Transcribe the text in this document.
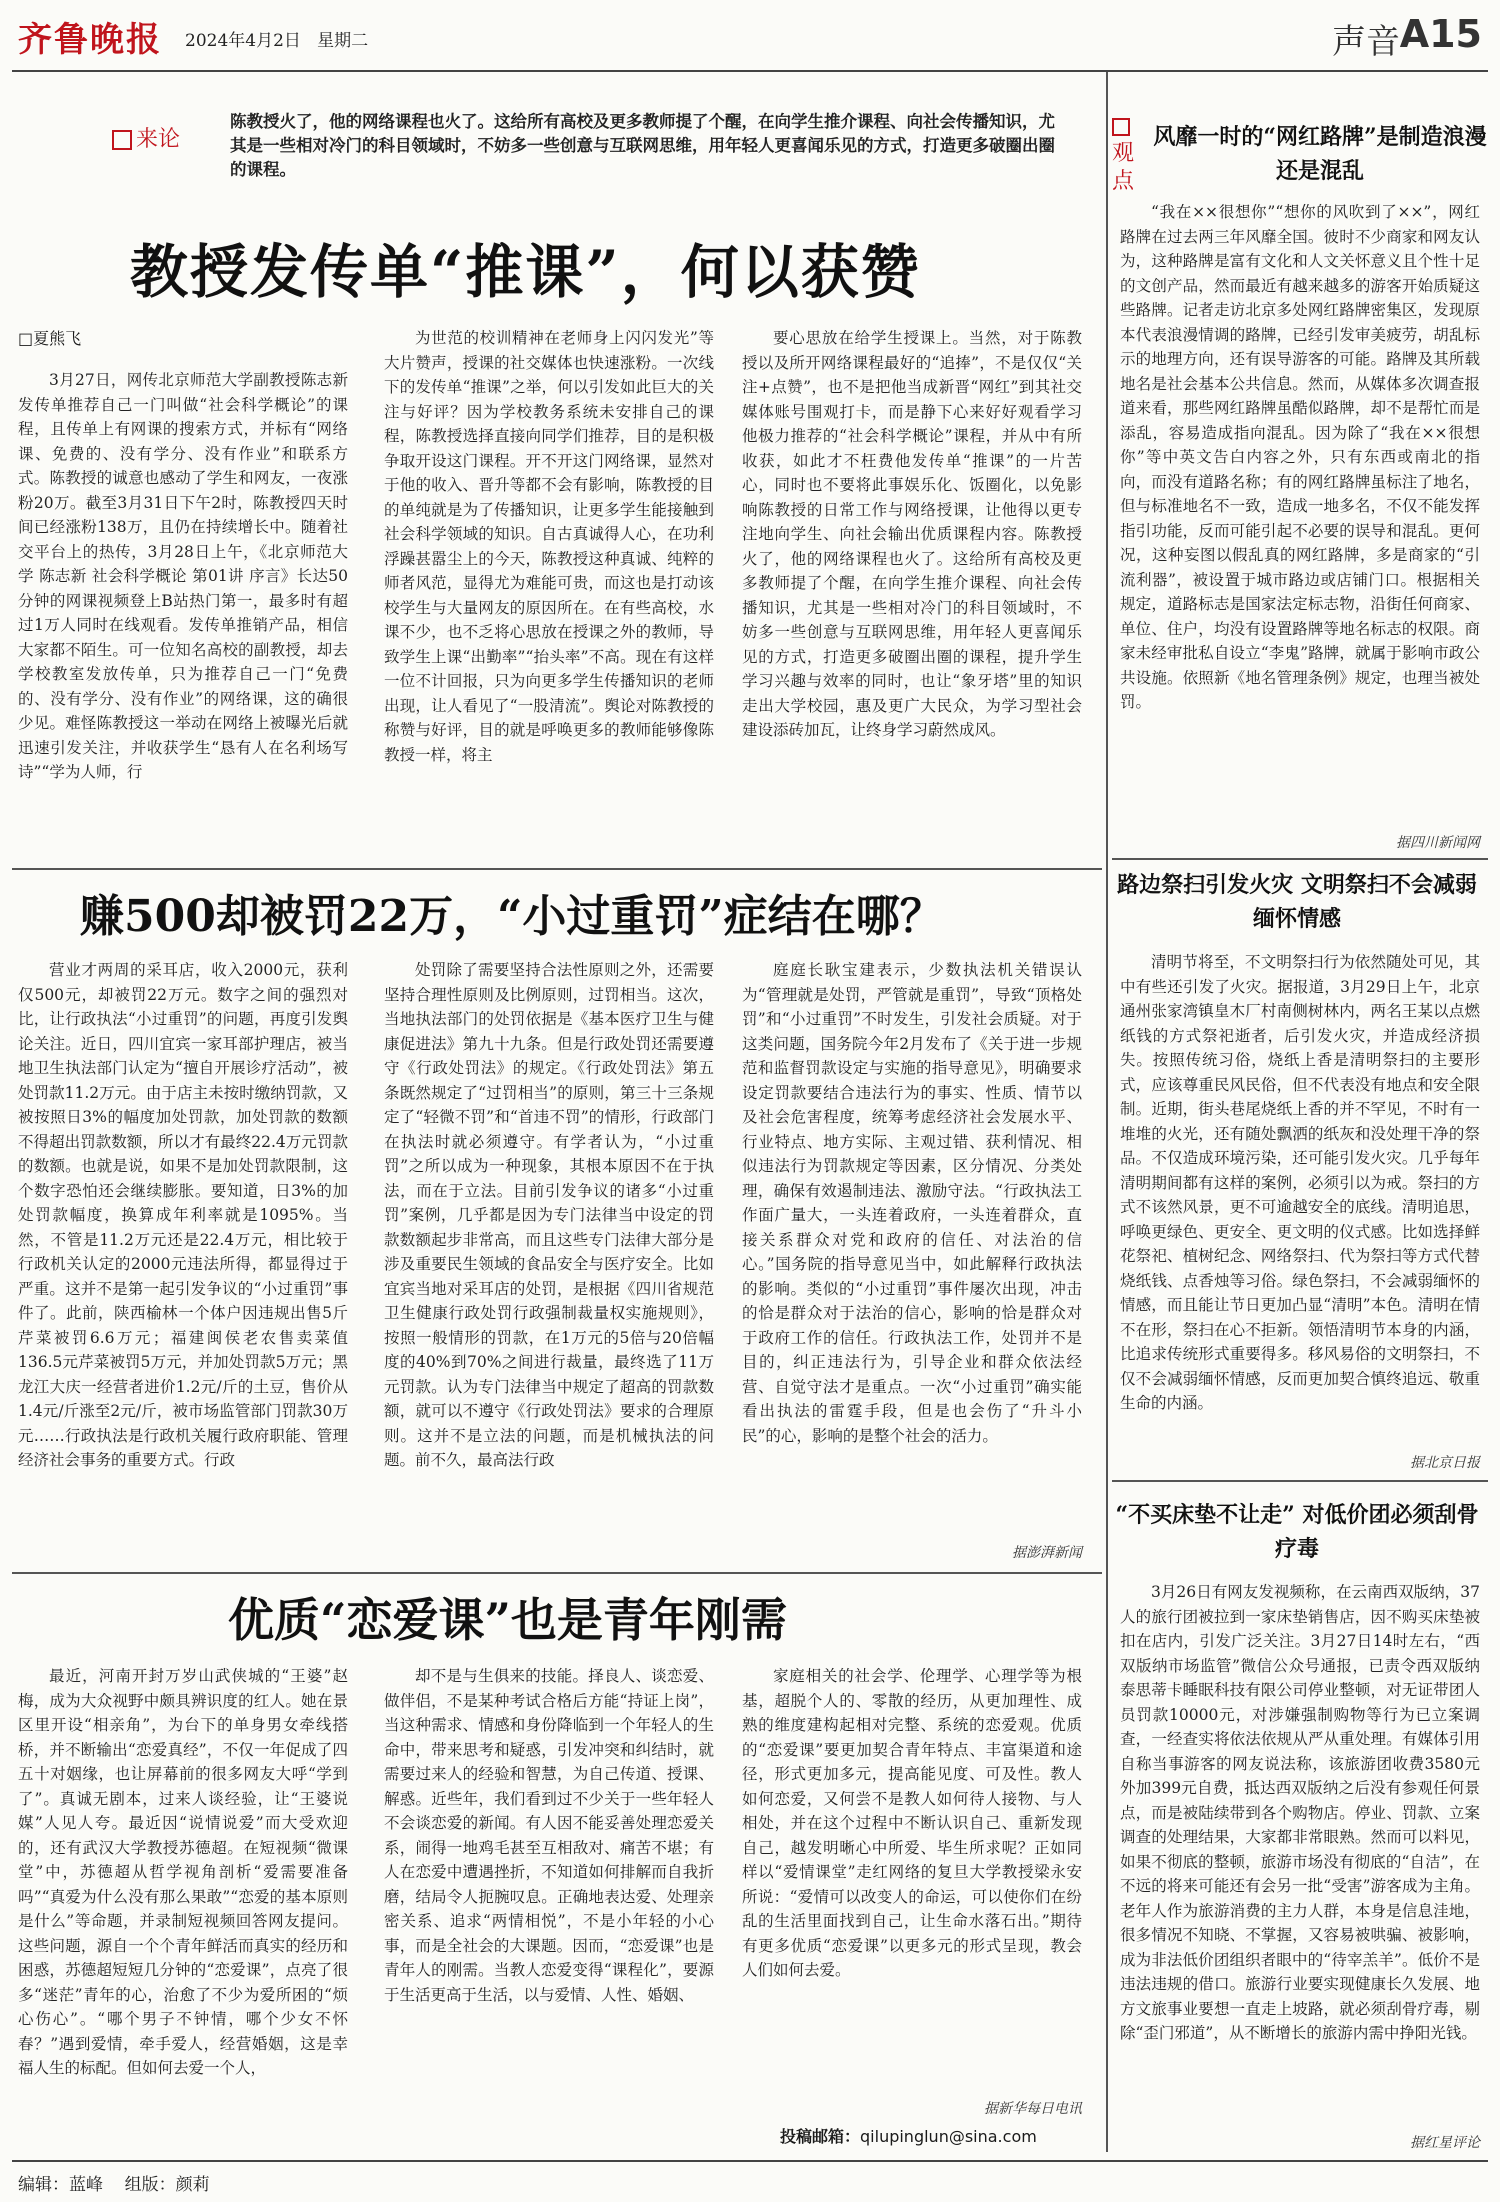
齐鲁晚报 2024年4月2日 星期二	声音 A15
来论
陈教授火了，他的网络课程也火了。这给所有高校及更多教师提了个醒，在向学生推介课程、向社会传播知识，尤其是一些相对冷门的科目领域时，不妨多一些创意与互联网思维，用年轻人更喜闻乐见的方式，打造更多破圈出圈的课程。
教授发传单“推课”，何以获赞
□夏熊飞

3月27日，网传北京师范大学副教授陈志新发传单推荐自己一门叫做“社会科学概论”的课程，且传单上有网课的搜索方式，并标有“网络课、免费的、没有学分、没有作业”和联系方式。陈教授的诚意也感动了学生和网友，一夜涨粉20万。截至3月31日下午2时，陈教授四天时间已经涨粉138万，且仍在持续增长中。随着社交平台上的热传，3月28日上午，《北京师范大学 陈志新 社会科学概论 第01讲 序言》长达50分钟的网课视频登上B站热门第一，最多时有超过1万人同时在线观看。发传单推销产品，相信大家都不陌生。可一位知名高校的副教授，却去学校教室发放传单，只为推荐自己一门“免费的、没有学分、没有作业”的网络课，这的确很少见。难怪陈教授这一举动在网络上被曝光后就迅速引发关注，并收获学生“恳有人在名利场写诗”“学为人师，行

为世范的校训精神在老师身上闪闪发光”等大片赞声，授课的社交媒体也快速涨粉。一次线下的发传单“推课”之举，何以引发如此巨大的关注与好评？因为学校教务系统未安排自己的课程，陈教授选择直接向同学们推荐，目的是积极争取开设这门课程。开不开这门网络课，显然对于他的收入、晋升等都不会有影响，陈教授的目的单纯就是为了传播知识，让更多学生能接触到社会科学领域的知识。自古真诚得人心，在功利浮躁甚嚣尘上的今天，陈教授这种真诚、纯粹的师者风范，显得尤为难能可贵，而这也是打动该校学生与大量网友的原因所在。在有些高校，水课不少，也不乏将心思放在授课之外的教师，导致学生上课“出勤率”“抬头率”不高。现在有这样一位不计回报，只为向更多学生传播知识的老师出现，让人看见了“一股清流”。舆论对陈教授的称赞与好评，目的就是呼唤更多的教师能够像陈教授一样，将主

要心思放在给学生授课上。当然，对于陈教授以及所开网络课程最好的“追捧”，不是仅仅“关注+点赞”，也不是把他当成新晋“网红”到其社交媒体账号围观打卡，而是静下心来好好观看学习他极力推荐的“社会科学概论”课程，并从中有所收获，如此才不枉费他发传单“推课”的一片苦心，同时也不要将此事娱乐化、饭圈化，以免影响陈教授的日常工作与网络授课，让他得以更专注地向学生、向社会输出优质课程内容。陈教授火了，他的网络课程也火了。这给所有高校及更多教师提了个醒，在向学生推介课程、向社会传播知识，尤其是一些相对冷门的科目领域时，不妨多一些创意与互联网思维，用年轻人更喜闻乐见的方式，打造更多破圈出圈的课程，提升学生学习兴趣与效率的同时，也让“象牙塔”里的知识走出大学校园，惠及更广大民众，为学习型社会建设添砖加瓦，让终身学习蔚然成风。

赚500却被罚22万，“小过重罚”症结在哪？

营业才两周的采耳店，收入2000元，获利仅500元，却被罚22万元。数字之间的强烈对比，让行政执法“小过重罚”的问题，再度引发舆论关注。近日，四川宜宾一家耳部护理店，被当地卫生执法部门认定为“擅自开展诊疗活动”，被处罚款11.2万元。由于店主未按时缴纳罚款，又被按照日3%的幅度加处罚款，加处罚款的数额不得超出罚款数额，所以才有最终22.4万元罚款的数额。也就是说，如果不是加处罚款限制，这个数字恐怕还会继续膨胀。要知道，日3%的加处罚款幅度，换算成年利率就是1095%。当然，不管是11.2万元还是22.4万元，相比较于行政机关认定的2000元违法所得，都显得过于严重。这并不是第一起引发争议的“小过重罚”事件了。此前，陕西榆林一个体户因违规出售5斤芹菜被罚6.6万元；福建闽侯老农售卖菜值136.5元芹菜被罚5万元，并加处罚款5万元；黑龙江大庆一经营者进价1.2元/斤的土豆，售价从1.4元/斤涨至2元/斤，被市场监管部门罚款30万元……行政执法是行政机关履行政府职能、管理经济社会事务的重要方式。行政

处罚除了需要坚持合法性原则之外，还需要坚持合理性原则及比例原则，过罚相当。这次，当地执法部门的处罚依据是《基本医疗卫生与健康促进法》第九十九条。但是行政处罚还需要遵守《行政处罚法》的规定。《行政处罚法》第五条既然规定了“过罚相当”的原则，第三十三条规定了“轻微不罚”和“首违不罚”的情形，行政部门在执法时就必须遵守。有学者认为，“小过重罚”之所以成为一种现象，其根本原因不在于执法，而在于立法。目前引发争议的诸多“小过重罚”案例，几乎都是因为专门法律当中设定的罚款数额起步非常高，而且这些专门法律大部分是涉及重要民生领域的食品安全与医疗安全。比如宜宾当地对采耳店的处罚，是根据《四川省规范卫生健康行政处罚行政强制裁量权实施规则》，按照一般情形的罚款，在1万元的5倍与20倍幅度的40%到70%之间进行裁量，最终选了11万元罚款。认为专门法律当中规定了超高的罚款数额，就可以不遵守《行政处罚法》要求的合理原则。这并不是立法的问题，而是机械执法的问题。前不久，最高法行政

庭庭长耿宝建表示，少数执法机关错误认为“管理就是处罚，严管就是重罚”，导致“顶格处罚”和“小过重罚”不时发生，引发社会质疑。对于这类问题，国务院今年2月发布了《关于进一步规范和监督罚款设定与实施的指导意见》，明确要求设定罚款要结合违法行为的事实、性质、情节以及社会危害程度，统筹考虑经济社会发展水平、行业特点、地方实际、主观过错、获利情况、相似违法行为罚款规定等因素，区分情况、分类处理，确保有效遏制违法、激励守法。“行政执法工作面广量大，一头连着政府，一头连着群众，直接关系群众对党和政府的信任、对法治的信心。”国务院的指导意见当中，如此解释行政执法的影响。类似的“小过重罚”事件屡次出现，冲击的恰是群众对于法治的信心，影响的恰是群众对于政府工作的信任。行政执法工作，处罚并不是目的，纠正违法行为，引导企业和群众依法经营、自觉守法才是重点。一次“小过重罚”确实能看出执法的雷霆手段，但是也会伤了“升斗小民”的心，影响的是整个社会的活力。

据澎湃新闻
优质“恋爱课”也是青年刚需

最近，河南开封万岁山武侠城的“王婆”赵梅，成为大众视野中颇具辨识度的红人。她在景区里开设“相亲角”，为台下的单身男女牵线搭桥，并不断输出“恋爱真经”，不仅一年促成了四五十对姻缘，也让屏幕前的很多网友大呼“学到了”。真诚无剧本，过来人谈经验，让“王婆说媒”人见人夸。最近因“说情说爱”而大受欢迎的，还有武汉大学教授苏德超。在短视频“微课堂”中，苏德超从哲学视角剖析“爱需要准备吗”“真爱为什么没有那么果敢”“恋爱的基本原则是什么”等命题，并录制短视频回答网友提问。这些问题，源自一个个青年鲜活而真实的经历和困惑，苏德超短短几分钟的“恋爱课”，点亮了很多“迷茫”青年的心，治愈了不少为爱所困的“烦心伤心”。“哪个男子不钟情，哪个少女不怀春？”遇到爱情，牵手爱人，经营婚姻，这是幸福人生的标配。但如何去爱一个人，

却不是与生俱来的技能。择良人、谈恋爱、做伴侣，不是某种考试合格后方能“持证上岗”，当这种需求、情感和身份降临到一个年轻人的生命中，带来思考和疑惑，引发冲突和纠结时，就需要过来人的经验和智慧，为自己传道、授课、解惑。近些年，我们看到过不少关于一些年轻人不会谈恋爱的新闻。有人因不能妥善处理恋爱关系，闹得一地鸡毛甚至互相敌对、痛苦不堪；有人在恋爱中遭遇挫折，不知道如何排解而自我折磨，结局令人扼腕叹息。正确地表达爱、处理亲密关系、追求“两情相悦”，不是小年轻的小心事，而是全社会的大课题。因而，“恋爱课”也是青年人的刚需。当教人恋爱变得“课程化”，要源于生活更高于生活，以与爱情、人性、婚姻、

家庭相关的社会学、伦理学、心理学等为根基，超脱个人的、零散的经历，从更加理性、成熟的维度建构起相对完整、系统的恋爱观。优质的“恋爱课”要更加契合青年特点、丰富渠道和途径，形式更加多元，提高能见度、可及性。教人如何恋爱，又何尝不是教人如何待人接物、与人相处，并在这个过程中不断认识自己、重新发现自己，越发明晰心中所爱、毕生所求呢？正如同样以“爱情课堂”走红网络的复旦大学教授梁永安所说：“爱情可以改变人的命运，可以使你们在纷乱的生活里面找到自己，让生命水落石出。”期待有更多优质“恋爱课”以更多元的形式呈现，教会人们如何去爱。

据新华每日电讯
投稿邮箱：qilupinglun@sina.com
观点
风靡一时的“网红路牌”是制造浪漫还是混乱

“我在××很想你”“想你的风吹到了××”，网红路牌在过去两三年风靡全国。彼时不少商家和网友认为，这种路牌是富有文化和人文关怀意义且个性十足的文创产品，然而最近有越来越多的游客开始质疑这些路牌。记者走访北京多处网红路牌密集区，发现原本代表浪漫情调的路牌，已经引发审美疲劳，胡乱标示的地理方向，还有误导游客的可能。路牌及其所载地名是社会基本公共信息。然而，从媒体多次调查报道来看，那些网红路牌虽酷似路牌，却不是帮忙而是添乱，容易造成指向混乱。因为除了“我在××很想你”等中英文告白内容之外，只有东西或南北的指向，而没有道路名称；有的网红路牌虽标注了地名，但与标准地名不一致，造成一地多名，不仅不能发挥指引功能，反而可能引起不必要的误导和混乱。更何况，这种妄图以假乱真的网红路牌，多是商家的“引流利器”，被设置于城市路边或店铺门口。根据相关规定，道路标志是国家法定标志物，沿街任何商家、单位、住户，均没有设置路牌等地名标志的权限。商家未经审批私自设立“李鬼”路牌，就属于影响市政公共设施。依照新《地名管理条例》规定，也理当被处罚。

据四川新闻网
路边祭扫引发火灾 文明祭扫不会减弱缅怀情感

清明节将至，不文明祭扫行为依然随处可见，其中有些还引发了火灾。据报道，3月29日上午，北京通州张家湾镇皇木厂村南侧树林内，两名王某以点燃纸钱的方式祭祀逝者，后引发火灾，并造成经济损失。按照传统习俗，烧纸上香是清明祭扫的主要形式，应该尊重民风民俗，但不代表没有地点和安全限制。近期，街头巷尾烧纸上香的并不罕见，不时有一堆堆的火光，还有随处飘洒的纸灰和没处理干净的祭品。不仅造成环境污染，还可能引发火灾。几乎每年清明期间都有这样的案例，必须引以为戒。祭扫的方式不该然风景，更不可逾越安全的底线。清明追思，呼唤更绿色、更安全、更文明的仪式感。比如选择鲜花祭祀、植树纪念、网络祭扫、代为祭扫等方式代替烧纸钱、点香烛等习俗。绿色祭扫，不会减弱缅怀的情感，而且能让节日更加凸显“清明”本色。清明在情不在形，祭扫在心不拒新。领悟清明节本身的内涵，比追求传统形式重要得多。移风易俗的文明祭扫，不仅不会减弱缅怀情感，反而更加契合慎终追远、敬重生命的内涵。

据北京日报
“不买床垫不让走” 对低价团必须刮骨疗毒

3月26日有网友发视频称，在云南西双版纳，37人的旅行团被拉到一家床垫销售店，因不购买床垫被扣在店内，引发广泛关注。3月27日14时左右，“西双版纳市场监管”微信公众号通报，已责令西双版纳泰思蒂卡睡眠科技有限公司停业整顿，对无证带团人员罚款10000元，对涉嫌强制购物等行为已立案调查，一经查实将依法依规从严从重处理。有媒体引用自称当事游客的网友说法称，该旅游团收费3580元外加399元自费，抵达西双版纳之后没有参观任何景点，而是被陆续带到各个购物店。停业、罚款、立案调查的处理结果，大家都非常眼熟。然而可以料见，如果不彻底的整顿，旅游市场没有彻底的“自洁”，在不远的将来可能还有会另一批“受害”游客成为主角。老年人作为旅游消费的主力人群，本身是信息洼地，很多情况不知晓、不掌握，又容易被哄骗、被影响，成为非法低价团组织者眼中的“待宰羔羊”。低价不是违法违规的借口。旅游行业要实现健康长久发展、地方文旅事业要想一直走上坡路，就必须刮骨疗毒，剔除“歪门邪道”，从不断增长的旅游内需中挣阳光钱。

据红星评论
编辑：蓝峰 组版：颜莉
